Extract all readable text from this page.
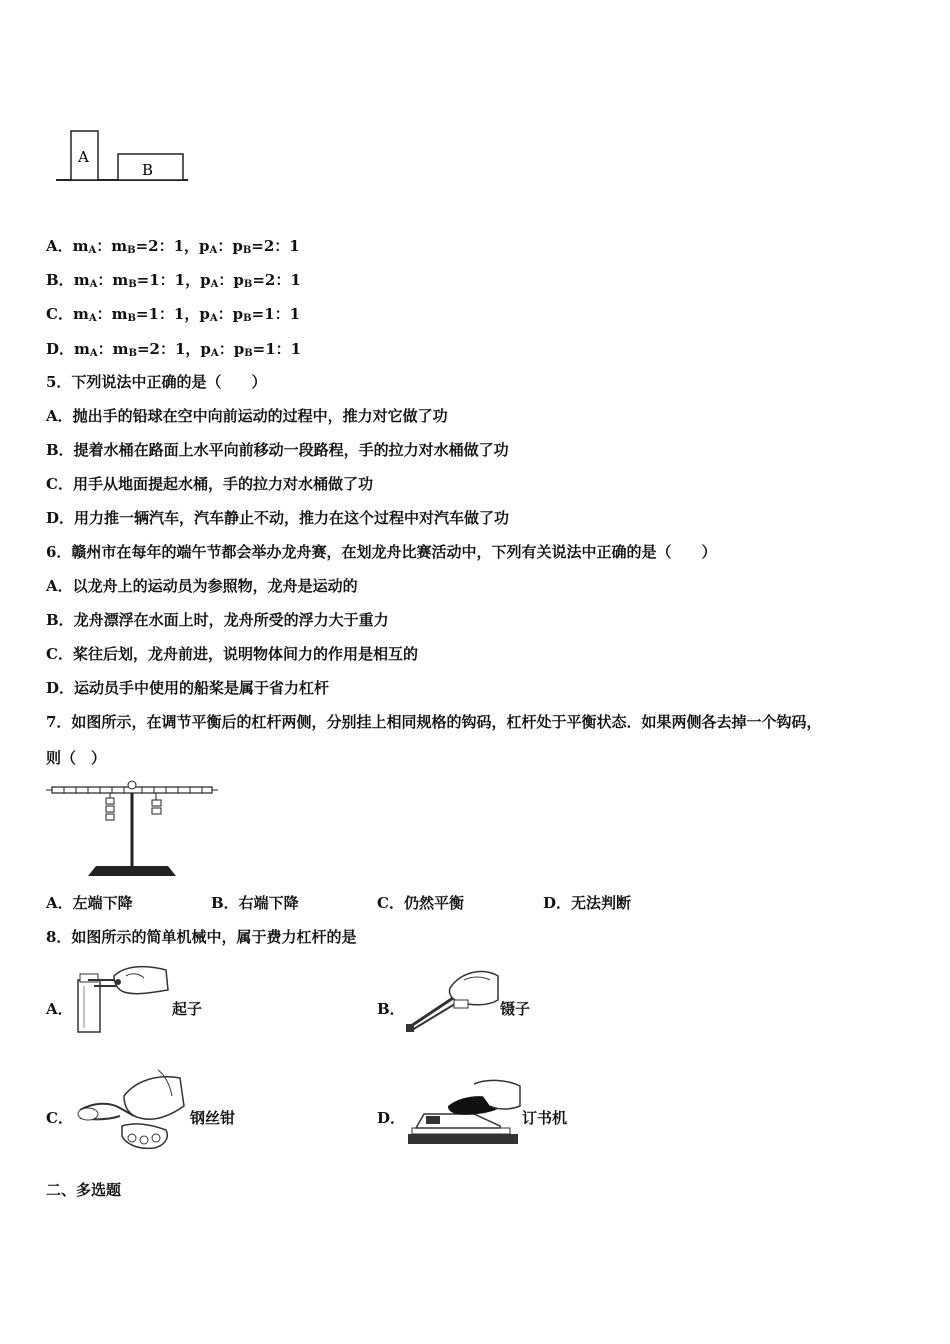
A
B
A．$m_A$：$m_B=2$：1，$p_A$：$p_B=2$：1
B．$m_A$：$m_B=1$：1，$p_A$：$p_B=2$：1
C．$m_A$：$m_B=1$：1，$p_A$：$p_B=1$：1
D．$m_A$：$m_B=2$：1，$p_A$：$p_B=1$：1
5．下列说法中正确的是（　　）
A．抛出手的铅球在空中向前运动的过程中，推力对它做了功
B．提着水桶在路面上水平向前移动一段路程，手的拉力对水桶做了功
C．用手从地面提起水桶，手的拉力对水桶做了功
D．用力推一辆汽车，汽车静止不动，推力在这个过程中对汽车做了功
6．赣州市在每年的端午节都会举办龙舟赛，在划龙舟比赛活动中，下列有关说法中正确的是（　　）
A．以龙舟上的运动员为参照物，龙舟是运动的
B．龙舟漂浮在水面上时，龙舟所受的浮力大于重力
C．桨往后划，龙舟前进，说明物体间力的作用是相互的
D．运动员手中使用的船桨是属于省力杠杆
7．如图所示，在调节平衡后的杠杆两侧，分别挂上相同规格的钩码，杠杆处于平衡状态．如果两侧各去掉一个钩码，
则（　）
A．左端下降	B．右端下降	C．仍然平衡	D．无法判断
8．如图所示的简单机械中，属于费力杠杆的是
A．	起子	B．	镊子
C．	钢丝钳	D．	订书机
二、多选题
